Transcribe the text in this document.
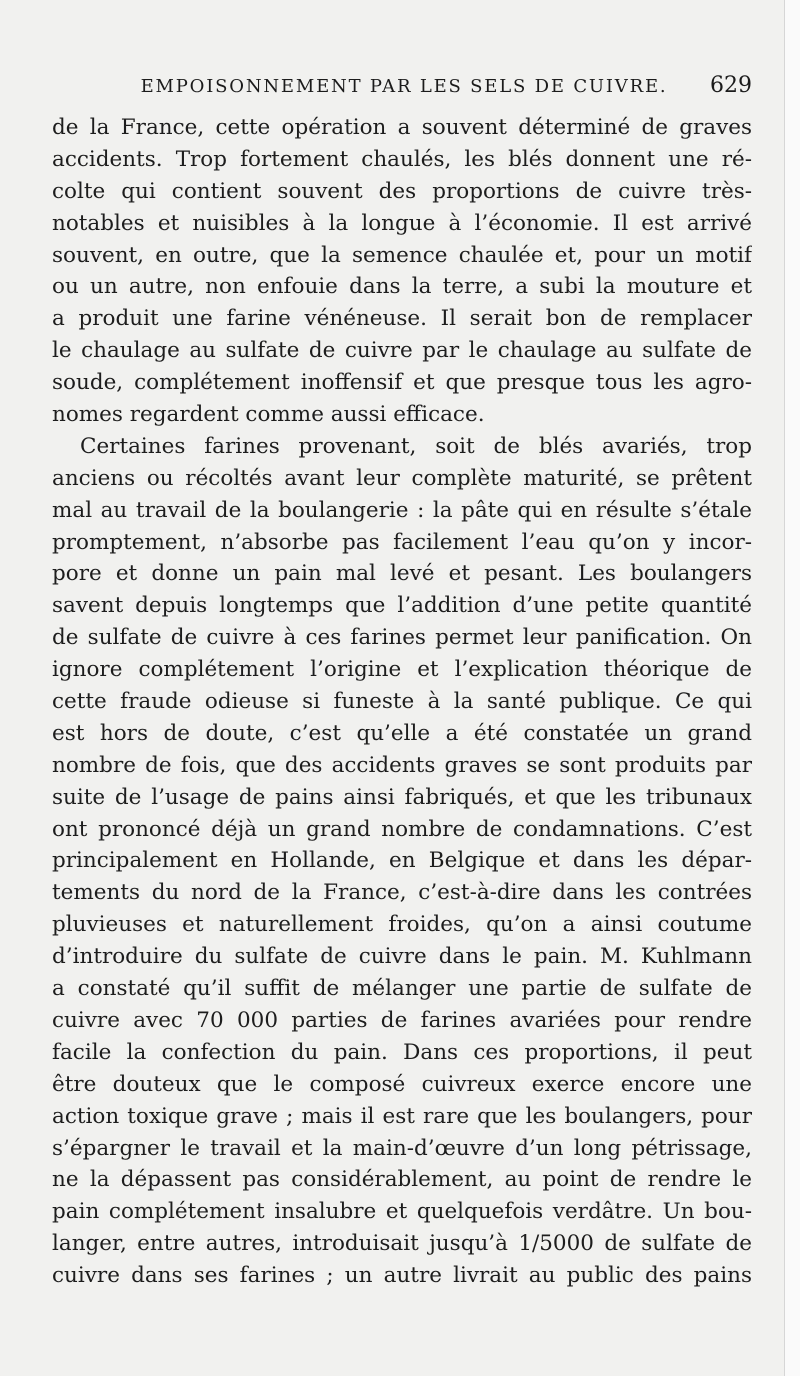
EMPOISONNEMENT PAR LES SELS DE CUIVRE.	629
de la France, cette opération a souvent déterminé de graves
accidents. Trop fortement chaulés, les blés donnent une ré-
colte qui contient souvent des proportions de cuivre très-
notables et nuisibles à la longue à l’économie. Il est arrivé
souvent, en outre, que la semence chaulée et, pour un motif
ou un autre, non enfouie dans la terre, a subi la mouture et
a produit une farine vénéneuse. Il serait bon de remplacer
le chaulage au sulfate de cuivre par le chaulage au sulfate de
soude, complétement inoffensif et que presque tous les agro-
nomes regardent comme aussi efficace.
Certaines farines provenant, soit de blés avariés, trop
anciens ou récoltés avant leur complète maturité, se prêtent
mal au travail de la boulangerie : la pâte qui en résulte s’étale
promptement, n’absorbe pas facilement l’eau qu’on y incor-
pore et donne un pain mal levé et pesant. Les boulangers
savent depuis longtemps que l’addition d’une petite quantité
de sulfate de cuivre à ces farines permet leur panification. On
ignore complétement l’origine et l’explication théorique de
cette fraude odieuse si funeste à la santé publique. Ce qui
est hors de doute, c’est qu’elle a été constatée un grand
nombre de fois, que des accidents graves se sont produits par
suite de l’usage de pains ainsi fabriqués, et que les tribunaux
ont prononcé déjà un grand nombre de condamnations. C’est
principalement en Hollande, en Belgique et dans les dépar-
tements du nord de la France, c’est-à-dire dans les contrées
pluvieuses et naturellement froides, qu’on a ainsi coutume
d’introduire du sulfate de cuivre dans le pain. M. Kuhlmann
a constaté qu’il suffit de mélanger une partie de sulfate de
cuivre avec 70 000 parties de farines avariées pour rendre
facile la confection du pain. Dans ces proportions, il peut
être douteux que le composé cuivreux exerce encore une
action toxique grave ; mais il est rare que les boulangers, pour
s’épargner le travail et la main-d’œuvre d’un long pétrissage,
ne la dépassent pas considérablement, au point de rendre le
pain complétement insalubre et quelquefois verdâtre. Un bou-
langer, entre autres, introduisait jusqu’à 1/5000 de sulfate de
cuivre dans ses farines ; un autre livrait au public des pains
